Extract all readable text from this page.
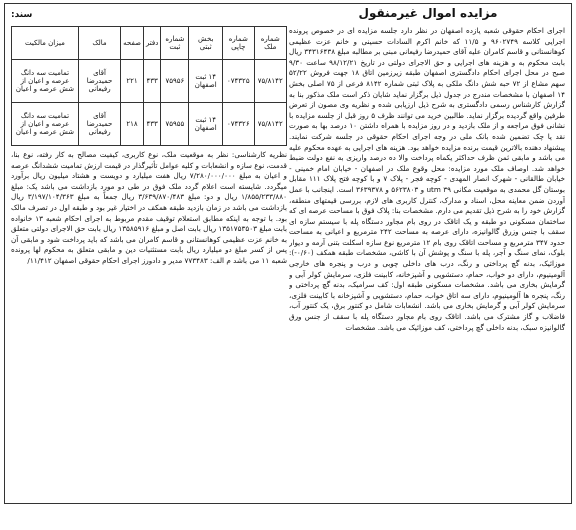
مزایده اموال غیرمنقول
سند:
شماره ملک	شماره چاپی	بخش ثبتی	شماره ثبت	دفتر	صفحه	مالک	میزان مالکیت
۷۵/۸۱۴۲	۰۷۴۳۲۵	۱۴ ثبت اصفهان	۷۵۹۵۶	۴۳۳	۲۲۱	آقای حمیدرضا رفیعانی	تمامیت سه دانگ عرصه و اعیان از شش عرصه و اعیان
۷۵/۸۱۴۲	۰۷۴۳۲۶	۱۴ ثبت اصفهان	۷۵۹۵۵	۴۳۳	۲۱۸	آقای حمیدرضا رفیعانی	تمامیت سه دانگ عرصه و اعیان از شش عرصه و اعیان
نظریه کارشناسی: نظر به موقعیت ملک، نوع کاربری، کیفیت مصالح به کار رفته، نوع بنا، قدمت، نوع سازه و انشعابات و کلیه عوامل تأثیرگذار در قیمت ارزش تمامیت ششدانگ عرصه و اعیان به مبلغ ۷/۲۸۰/۰۰۰/۰۰۰ ریال هفت میلیارد و دویست و هشتاد میلیون ریال برآورد میگردد. شایسته است اعلام گردد ملک فوق در طی دو مورد بازداشت می باشد یک: مبلغ ۱/۸۵۵/۲۳۳/۸۸۰ ریال و دو: مبلغ ۳/۶۳۹/۸۷۰/۴۸۳ ریال جمعاً به مبلغ ۳/۱۹۷/۱۰۴/۳۶۳ ریال بازداشت می باشد در زمان بازدید طبقه همکف در اختیار غیر بود و طبقه اول در تصرف مالک بود. با توجه به اینکه مطابق استعلام توقیف مقدم مربوط به اجرای احکام شعبه ۱۳ خانواده بابت مبلغ ۱۳۵۱۷۵۳۵۰۳ ریال بابت اصل و مبلغ ۱۳۵۸۵۹۱۶ ریال بابت حق الاجرای دولتی متعلق به خانم عزت عظیمی کوهانستانی و قاسم کامران می باشد که باید پرداخت شود و مابقی آن پس از کسر مبلغ دو میلیارد ریال بابت مستثنیات دین و مابقی متعلق به محکوم لها پرونده شعبه ۱۱ می باشد م الف: ۷۷۳۴۸۳ مدیر و دادورز اجرای احکام حقوقی اصفهان ۱۱/۴۱۲/
اجرای احکام حقوقی شعبه یازده اصفهان در نظر دارد جلسه مزایده ای در خصوص پرونده اجرایی کلاسه ۹۶۰۲۷۴۹ و ۱۱/۵ که خانم اکرم السادات حسینی و خانم عزت عظیمی کوهانستانی و قاسم کامران علیه آقای حمیدرضا رفیعانی مبنی بر مطالبه مبلغ ۳۴۳۱۶۴۳۸ ریال بابت محکوم به و هزینه های اجرایی و حق الاجرای دولتی در تاریخ ۹۸/۱۲/۲۱ ساعت ۹/۳۰ صبح در محل اجرای احکام دادگستری اصفهان طبقه زیرزمین اتاق ۱۸ جهت فروش ۵۲/۲۲ سهم مشاع از ۷۲ حبه شش دانگ ملکی به پلاک ثبتی شماره ۸۱۴۲ فرعی از ۷۵ اصلی بخش ۱۴ اصفهان با مشخصات مندرج در جدول ذیل برگزار نماید شایان ذکر است ملک مذکور بنا به گزارش کارشناس رسمی دادگستری به شرح ذیل ارزیابی شده و نظریه وی مصون از تعرض طرفین واقع گردیده برگزار نماید. طالبین خرید می توانند ظرف ۵ روز قبل از جلسه مزایده با نشانی فوق مراجعه و از ملک بازدید و در روز مزایده با همراه داشتن ۱۰ درصد بها به صورت نقد یا چک تضمین شده بانک ملی در وجه اجرای احکام حقوقی در جلسه شرکت نمایند. پیشنهاد دهنده بالاترین قیمت برنده مزایده خواهد بود. هزینه های اجرایی به عهده محکوم علیه می باشد و مابقی ثمن ظرف حداکثر یکماه پرداخت والا ده درصد واریزی به نفع دولت ضبط خواهد شد. اوصاف ملک مورد مزایده: محل وقوع ملک در اصفهان - خیابان امام خمینی - خیابان طالقانی - شهرک انصار المهدی - کوچه فجر - پلاک ۷ و با کوچه فتح پلاک ۱۱۱ مقابل بوستان گل محمدی به موقعیت مکانی utm ۳۹ و ۵۶۲۳۸۰۳ و ۳۶۳۹۳۷۸ است. اینجانب با عمل آوردن ضمن معاینه محل، اسناد و مدارک، کنترل کاربری های لازم، بررسی قیمتهای منطقه، گزارش خود را به شرح ذیل تقدیم می دارم. مشخصات بنا: پلاک فوق با مساحت عرصه ای که ساختمان مسکونی دو طبقه و یک اتاقک در روی بام مجاور دستگاه پله با سیستم سازه ای سقف با جنس وزرق گالوانیزه، دارای عرصه به مساحت ۲۴۲ مترمربع و اعیانی به مساحت حدود ۳۴۷ مترمربع و مساحت اتاقک روی بام ۱۲ مترمربع نوع سازه اسکلت بتنی آرمه و دیوار بلوک، نمای سنگ و آجر، پله با سنگ و پوشش آن با کاشی، مشخصات طبقه همکف (۰/۶۰-): موزائیک، بدنه گچ پرداختی و رنگ، درب های داخلی چوبی و درب و پنجره های خارجی آلومینیوم، دارای دو خواب، حمام، دستشویی و آشپزخانه، کابینت فلزی، سرمایش کولر آبی و گرمایش بخاری می باشد. مشخصات مسکونی طبقه اول: کف سرامیک، بدنه گچ پرداختی و رنگ، پنجره ها آلومینیوم، دارای سه اتاق خواب، حمام، دستشویی و آشپزخانه با کابینت فلزی، سرمایش کولر آبی و گرمایش بخاری می باشد. انشعابات شامل دو کنتور برق، یک کنتور آب، فاضلاب و گاز مشترک می باشد. اتاقک روی بام مجاور دستگاه پله با سقف از جنس ورق گالوانیزه سبک، بدنه داخلی گچ پرداختی، کف موزائیک می باشد. مشخصات
